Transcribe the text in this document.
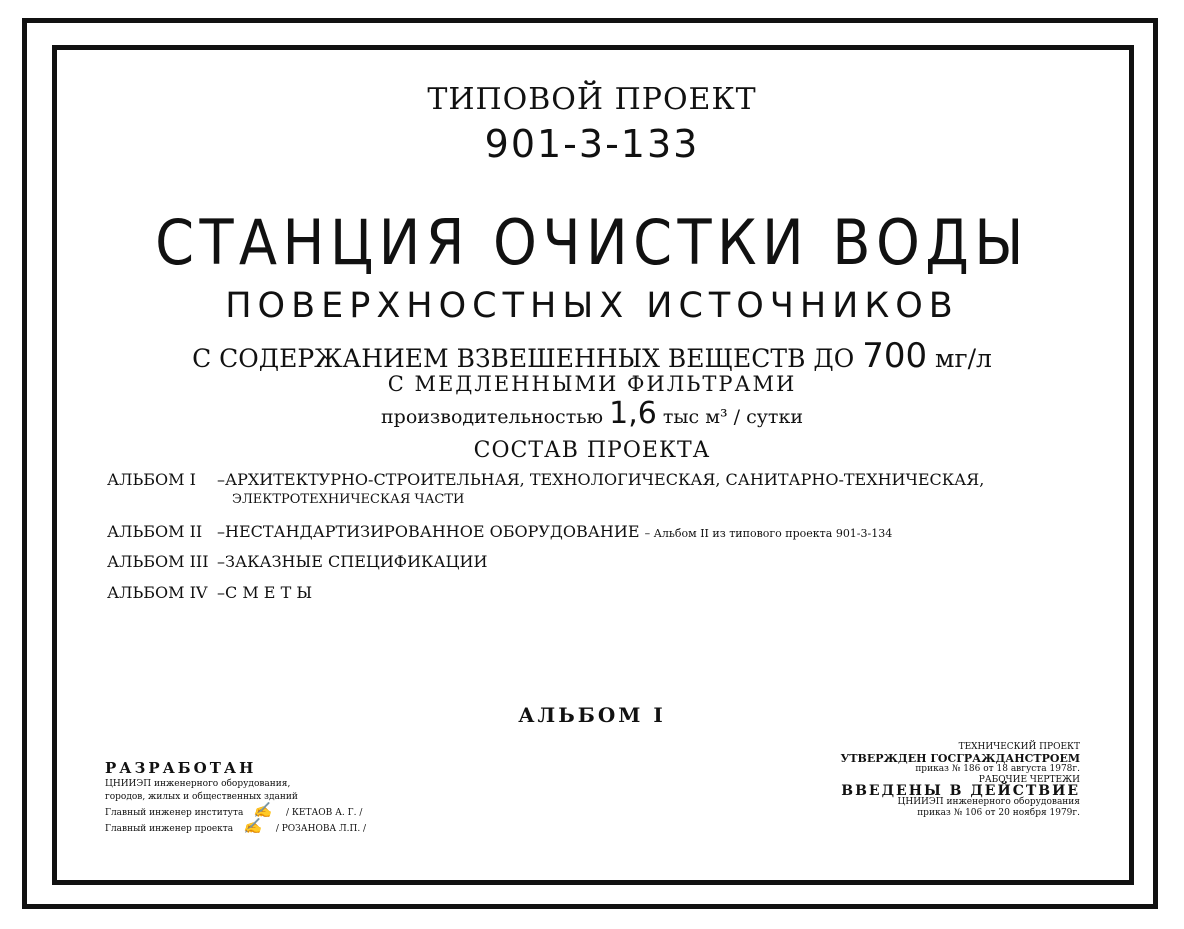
ТИПОВОЙ ПРОЕКТ
901-3-133
СТАНЦИЯ ОЧИСТКИ ВОДЫ
ПОВЕРХНОСТНЫХ ИСТОЧНИКОВ
С СОДЕРЖАНИЕМ ВЗВЕШЕННЫХ ВЕЩЕСТВ ДО 700 мг/л
С МЕДЛЕННЫМИ ФИЛЬТРАМИ
производительностью 1,6 тыс м³ / сутки
СОСТАВ ПРОЕКТА
АЛЬБОМ I –АРХИТЕКТУРНО-СТРОИТЕЛЬНАЯ, ТЕХНОЛОГИЧЕСКАЯ, САНИТАРНО-ТЕХНИЧЕСКАЯ,
ЭЛЕКТРОТЕХНИЧЕСКАЯ ЧАСТИ
АЛЬБОМ II –НЕСТАНДАРТИЗИРОВАННОЕ ОБОРУДОВАНИЕ – Альбом II из типового проекта 901-3-134
АЛЬБОМ III –ЗАКАЗНЫЕ СПЕЦИФИКАЦИИ
АЛЬБОМ IV –С М Е Т Ы
АЛЬБОМ I
РАЗРАБОТАН
ЦНИИЭП инженерного оборудования,
городов, жилых и общественных зданий
Главный инженер института ✍ / КЕТАОВ А. Г. /
Главный инженер проекта ✍ / РОЗАНОВА Л.П. /
ТЕХНИЧЕСКИЙ ПРОЕКТ
УТВЕРЖДЕН ГОСГРАЖДАНСТРОЕМ
приказ № 186 от 18 августа 1978г.
РАБОЧИЕ ЧЕРТЕЖИ
ВВЕДЕНЫ В ДЕЙСТВИЕ
ЦНИИЭП инженерного оборудования
приказ № 106 от 20 ноября 1979г.
